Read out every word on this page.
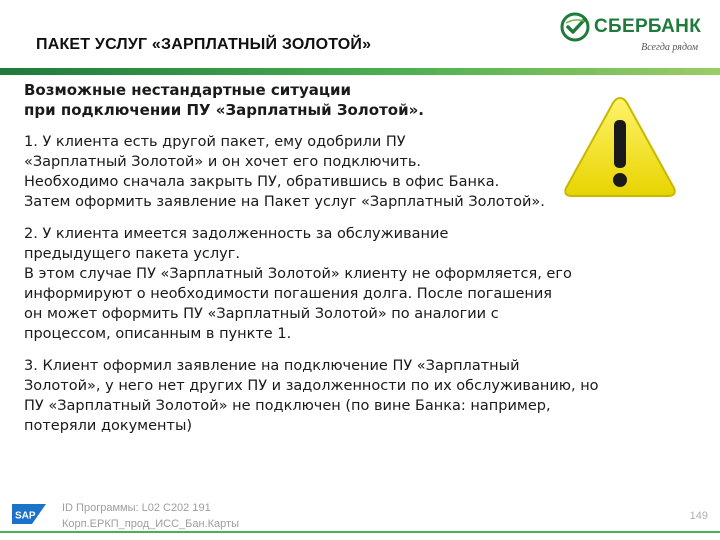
ПАКЕТ УСЛУГ «ЗАРПЛАТНЫЙ ЗОЛОТОЙ»
СБЕРБАНК
Всегда рядом
Возможные нестандартные ситуации
при подключении ПУ «Зарплатный Золотой».

1. У клиента есть другой пакет, ему одобрили ПУ

«Зарплатный Золотой» и он хочет его подключить.

Необходимо сначала закрыть ПУ, обратившись в офис Банка.

Затем оформить заявление на Пакет услуг «Зарплатный Золотой».

2. У клиента имеется задолженность за обслуживание

предыдущего пакета услуг.

В этом случае ПУ «Зарплатный Золотой» клиенту не оформляется, его

информируют о необходимости погашения долга. После погашения

он может оформить ПУ «Зарплатный Золотой» по аналогии с

процессом, описанным в пункте 1.

3. Клиент оформил заявление на подключение ПУ «Зарплатный

Золотой», у него нет других ПУ и задолженности по их обслуживанию, но

ПУ «Зарплатный Золотой» не подключен (по вине Банка: например,

потеряли документы)

SAP
ID Программы: L02 C202 191
Корп.ЕРКП_прод_ИСС_Бан.Карты
149
